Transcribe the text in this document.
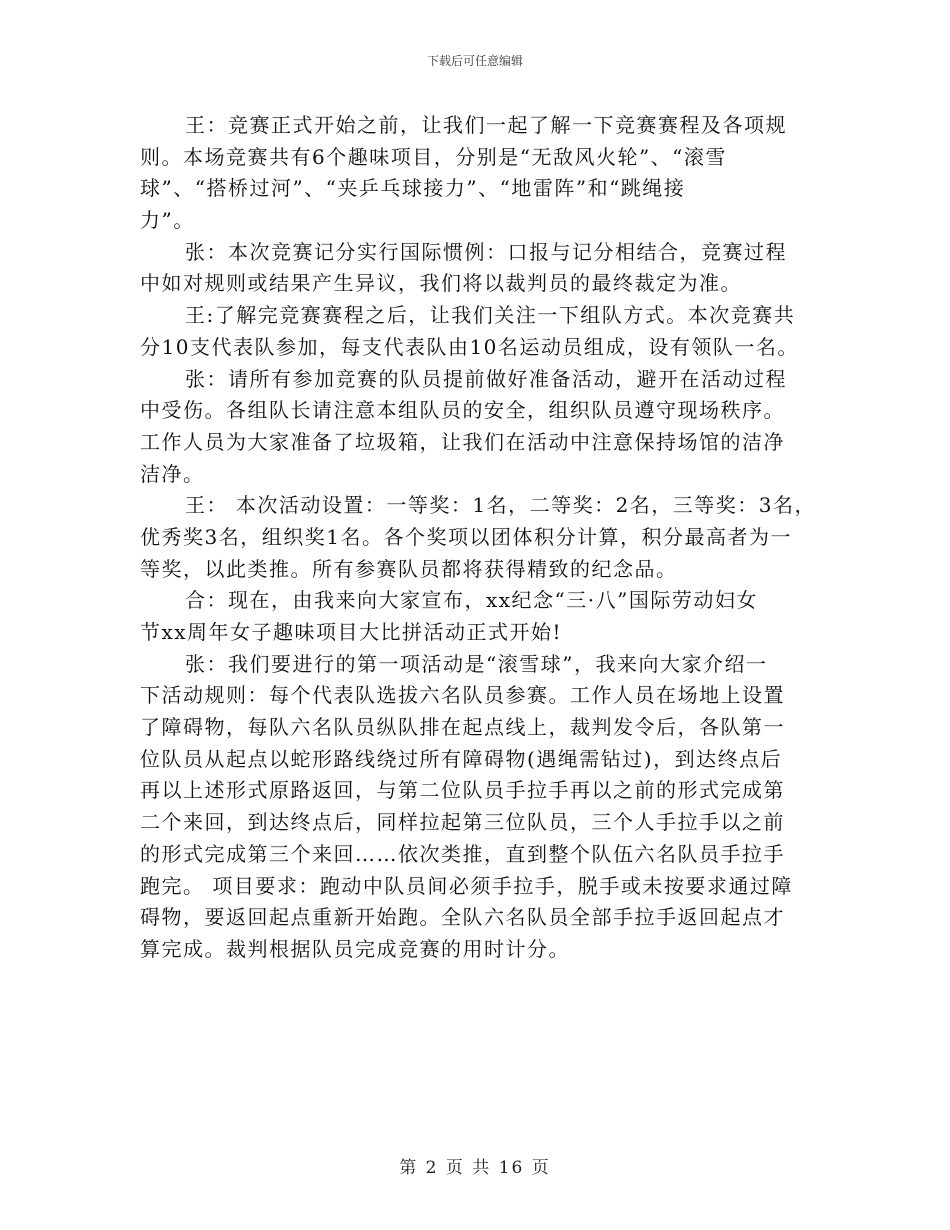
下载后可任意编辑
王：竞赛正式开始之前，让我们一起了解一下竞赛赛程及各项规
则。本场竞赛共有6个趣味项目，分别是“无敌风火轮”、“滚雪
球”、“搭桥过河”、“夹乒乓球接力”、“地雷阵”和“跳绳接
力”。
张：本次竞赛记分实行国际惯例：口报与记分相结合，竞赛过程
中如对规则或结果产生异议，我们将以裁判员的最终裁定为准。
王:了解完竞赛赛程之后，让我们关注一下组队方式。本次竞赛共
分10支代表队参加，每支代表队由10名运动员组成，设有领队一名。
张：请所有参加竞赛的队员提前做好准备活动，避开在活动过程
中受伤。各组队长请注意本组队员的安全，组织队员遵守现场秩序。
工作人员为大家准备了垃圾箱，让我们在活动中注意保持场馆的洁净
洁净。
王： 本次活动设置：一等奖：1名，二等奖：2名，三等奖：3名，
优秀奖3名，组织奖1名。各个奖项以团体积分计算，积分最高者为一
等奖，以此类推。所有参赛队员都将获得精致的纪念品。
合：现在，由我来向大家宣布，xx纪念“三·八”国际劳动妇女
节xx周年女子趣味项目大比拼活动正式开始!
张：我们要进行的第一项活动是“滚雪球”，我来向大家介绍一
下活动规则：每个代表队选拔六名队员参赛。工作人员在场地上设置
了障碍物，每队六名队员纵队排在起点线上，裁判发令后，各队第一
位队员从起点以蛇形路线绕过所有障碍物(遇绳需钻过)，到达终点后
再以上述形式原路返回，与第二位队员手拉手再以之前的形式完成第
二个来回，到达终点后，同样拉起第三位队员，三个人手拉手以之前
的形式完成第三个来回……依次类推，直到整个队伍六名队员手拉手
跑完。 项目要求：跑动中队员间必须手拉手，脱手或未按要求通过障
碍物，要返回起点重新开始跑。全队六名队员全部手拉手返回起点才
算完成。裁判根据队员完成竞赛的用时计分。
第 2 页 共 16 页
